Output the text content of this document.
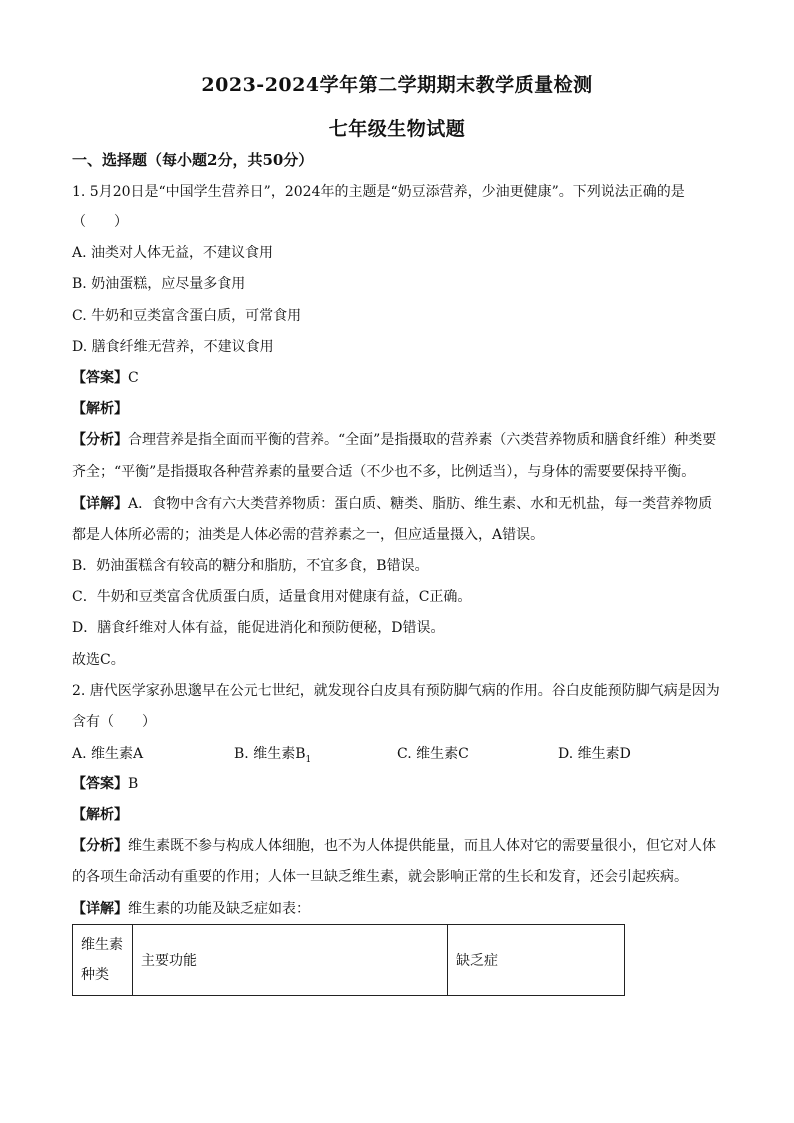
2023-2024学年第二学期期末教学质量检测
七年级生物试题
一、选择题（每小题2分，共50分）
1. 5月20日是“中国学生营养日”，2024年的主题是“奶豆添营养，少油更健康”。下列说法正确的是
（　　）
A. 油类对人体无益，不建议食用
B. 奶油蛋糕，应尽量多食用
C. 牛奶和豆类富含蛋白质，可常食用
D. 膳食纤维无营养，不建议食用
【答案】C
【解析】
【分析】合理营养是指全面而平衡的营养。“全面”是指摄取的营养素（六类营养物质和膳食纤维）种类要
齐全；“平衡”是指摄取各种营养素的量要合适（不少也不多，比例适当），与身体的需要要保持平衡。
【详解】A．食物中含有六大类营养物质：蛋白质、糖类、脂肪、维生素、水和无机盐，每一类营养物质
都是人体所必需的；油类是人体必需的营养素之一，但应适量摄入，A错误。
B．奶油蛋糕含有较高的糖分和脂肪，不宜多食，B错误。
C．牛奶和豆类富含优质蛋白质，适量食用对健康有益，C正确。
D．膳食纤维对人体有益，能促进消化和预防便秘，D错误。
故选C。
2. 唐代医学家孙思邈早在公元七世纪，就发现谷白皮具有预防脚气病的作用。谷白皮能预防脚气病是因为
含有（　　）
A. 维生素A	B. 维生素$B_1$	C. 维生素C	D. 维生素D
【答案】B
【解析】
【分析】维生素既不参与构成人体细胞，也不为人体提供能量，而且人体对它的需要量很小，但它对人体
的各项生命活动有重要的作用；人体一旦缺乏维生素，就会影响正常的生长和发育，还会引起疾病。
【详解】维生素的功能及缺乏症如表：
维生素
种类	主要功能	缺乏症
